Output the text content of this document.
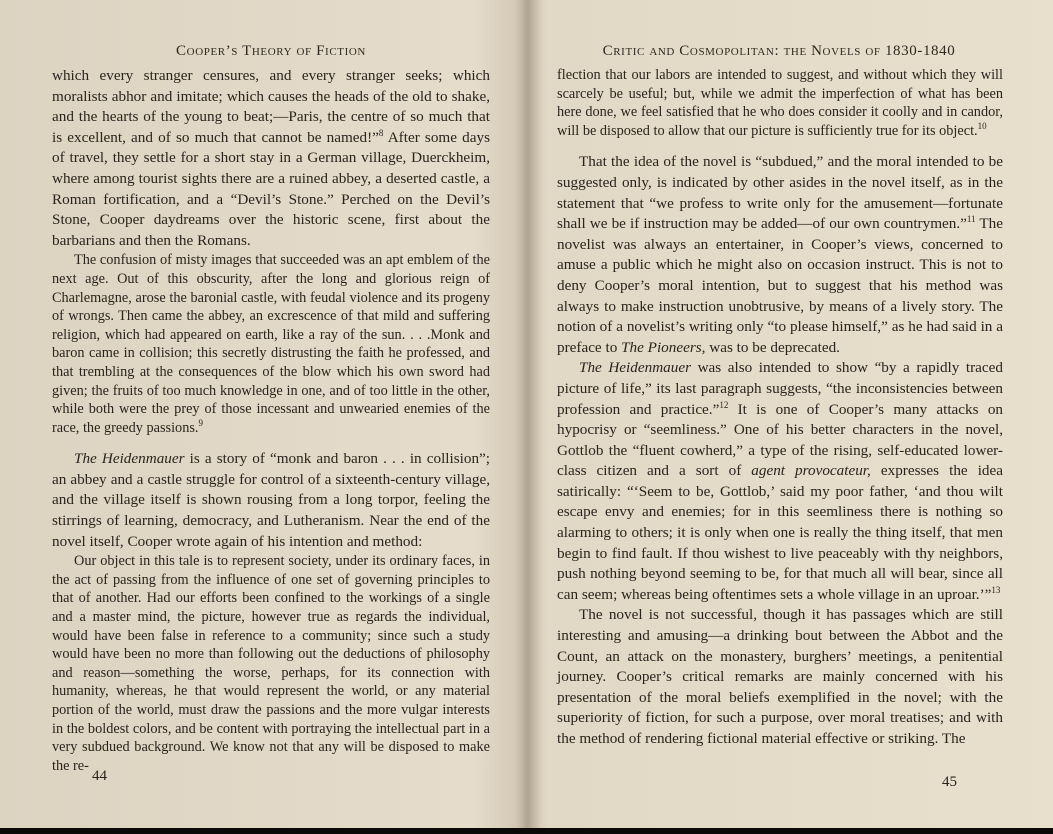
Cooper’s Theory of Fiction

which every stranger censures, and every stranger seeks; which moralists abhor and imitate; which causes the heads of the old to shake, and the hearts of the young to beat;—Paris, the centre of so much that is excellent, and of so much that cannot be named!”$^8$ After some days of travel, they settle for a short stay in a German village, Duerckheim, where among tourist sights there are a ruined abbey, a deserted castle, a Roman fortification, and a “Devil’s Stone.” Perched on the Devil’s Stone, Cooper daydreams over the historic scene, first about the barbarians and then the Romans.

The confusion of misty images that succeeded was an apt emblem of the next age. Out of this obscurity, after the long and glorious reign of Charlemagne, arose the baronial castle, with feudal violence and its progeny of wrongs. Then came the abbey, an excrescence of that mild and suffering religion, which had appeared on earth, like a ray of the sun. . . .Monk and baron came in collision; this secretly distrusting the faith he professed, and that trembling at the consequences of the blow which his own sword had given; the fruits of too much knowledge in one, and of too little in the other, while both were the prey of those incessant and unwearied enemies of the race, the greedy passions.$^9$

The Heidenmauer is a story of “monk and baron . . . in collision”; an abbey and a castle struggle for control of a sixteenth-century village, and the village itself is shown rousing from a long torpor, feeling the stirrings of learning, democracy, and Lutheranism. Near the end of the novel itself, Cooper wrote again of his intention and method:

Our object in this tale is to represent society, under its ordinary faces, in the act of passing from the influence of one set of governing principles to that of another. Had our efforts been confined to the workings of a single and a master mind, the picture, however true as regards the individual, would have been false in reference to a community; since such a study would have been no more than following out the deductions of philosophy and reason—something the worse, perhaps, for its connection with humanity, whereas, he that would represent the world, or any material portion of the world, must draw the passions and the more vulgar interests in the boldest colors, and be content with portraying the intellectual part in a very subdued background. We know not that any will be disposed to make the re-

44
Critic and Cosmopolitan: the Novels of 1830-1840

flection that our labors are intended to suggest, and without which they will scarcely be useful; but, while we admit the imperfection of what has been here done, we feel satisfied that he who does consider it coolly and in candor, will be disposed to allow that our picture is sufficiently true for its object.$^{10}$

That the idea of the novel is “subdued,” and the moral intended to be suggested only, is indicated by other asides in the novel itself, as in the statement that “we profess to write only for the amusement—fortunate shall we be if instruction may be added—of our own countrymen.”$^{11}$ The novelist was always an entertainer, in Cooper’s views, concerned to amuse a public which he might also on occasion instruct. This is not to deny Cooper’s moral intention, but to suggest that his method was always to make instruction unobtrusive, by means of a lively story. The notion of a novelist’s writing only “to please himself,” as he had said in a preface to The Pioneers, was to be deprecated.

The Heidenmauer was also intended to show “by a rapidly traced picture of life,” its last paragraph suggests, “the inconsistencies between profession and practice.”$^{12}$ It is one of Cooper’s many attacks on hypocrisy or “seemliness.” One of his better characters in the novel, Gottlob the “fluent cowherd,” a type of the rising, self-educated lower-class citizen and a sort of agent provocateur, expresses the idea satirically: “‘Seem to be, Gottlob,’ said my poor father, ‘and thou wilt escape envy and enemies; for in this seemliness there is nothing so alarming to others; it is only when one is really the thing itself, that men begin to find fault. If thou wishest to live peaceably with thy neighbors, push nothing beyond seeming to be, for that much all will bear, since all can seem; whereas being oftentimes sets a whole village in an uproar.’”$^{13}$

The novel is not successful, though it has passages which are still interesting and amusing—a drinking bout between the Abbot and the Count, an attack on the monastery, burghers’ meetings, a penitential journey. Cooper’s critical remarks are mainly concerned with his presentation of the moral beliefs exemplified in the novel; with the superiority of fiction, for such a purpose, over moral treatises; and with the method of rendering fictional material effective or striking. The

45
